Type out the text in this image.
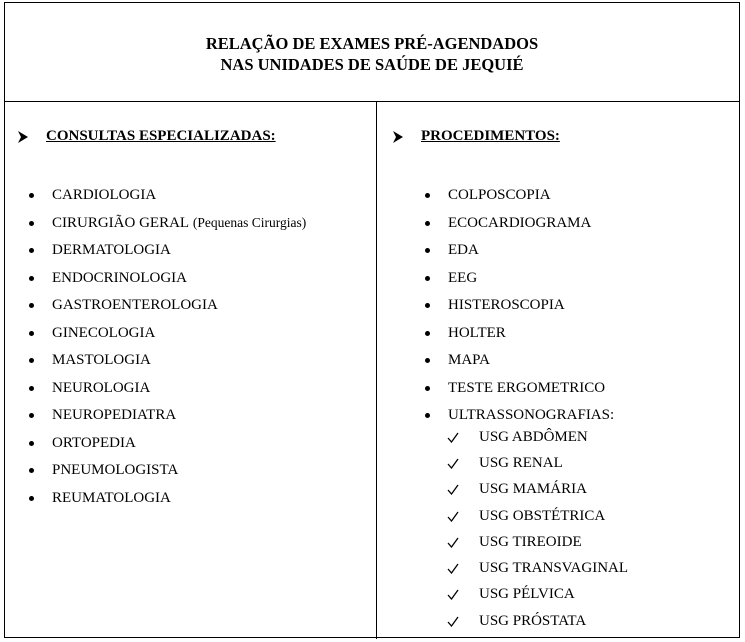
RELAÇÃO DE EXAMES PRÉ-AGENDADOS
NAS UNIDADES DE SAÚDE DE JEQUIÉ
CONSULTAS ESPECIALIZADAS:
CARDIOLOGIA
CIRURGIÃO GERAL
(Pequenas Cirurgias)
DERMATOLOGIA
ENDOCRINOLOGIA
GASTROENTEROLOGIA
GINECOLOGIA
MASTOLOGIA
NEUROLOGIA
NEUROPEDIATRA
ORTOPEDIA
PNEUMOLOGISTA
REUMATOLOGIA
PROCEDIMENTOS:
COLPOSCOPIA
ECOCARDIOGRAMA
EDA
EEG
HISTEROSCOPIA
HOLTER
MAPA
TESTE ERGOMETRICO
ULTRASSONOGRAFIAS:
USG ABDÔMEN
USG RENAL
USG MAMÁRIA
USG OBSTÉTRICA
USG TIREOIDE
USG TRANSVAGINAL
USG PÉLVICA
USG PRÓSTATA
